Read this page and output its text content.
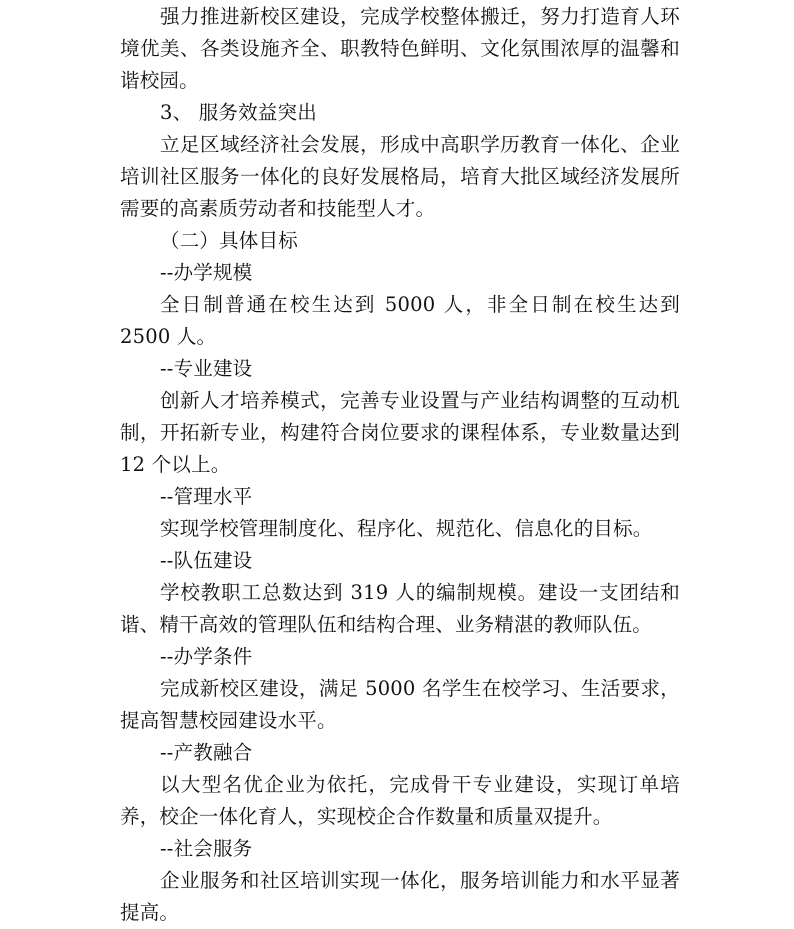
强力推进新校区建设，完成学校整体搬迁，努力打造育人环境优美、各类设施齐全、职教特色鲜明、文化氛围浓厚的温馨和谐校园。

3、 服务效益突出

立足区域经济社会发展，形成中高职学历教育一体化、企业培训社区服务一体化的良好发展格局，培育大批区域经济发展所需要的高素质劳动者和技能型人才。

（二）具体目标

--办学规模

全日制普通在校生达到 5000 人，非全日制在校生达到 2500 人。

--专业建设

创新人才培养模式，完善专业设置与产业结构调整的互动机制，开拓新专业，构建符合岗位要求的课程体系，专业数量达到 12 个以上。

--管理水平

实现学校管理制度化、程序化、规范化、信息化的目标。

--队伍建设

学校教职工总数达到 319 人的编制规模。建设一支团结和谐、精干高效的管理队伍和结构合理、业务精湛的教师队伍。

--办学条件

完成新校区建设，满足 5000 名学生在校学习、生活要求，提高智慧校园建设水平。

--产教融合

以大型名优企业为依托，完成骨干专业建设，实现订单培养，校企一体化育人，实现校企合作数量和质量双提升。

--社会服务

企业服务和社区培训实现一体化，服务培训能力和水平显著提高。
